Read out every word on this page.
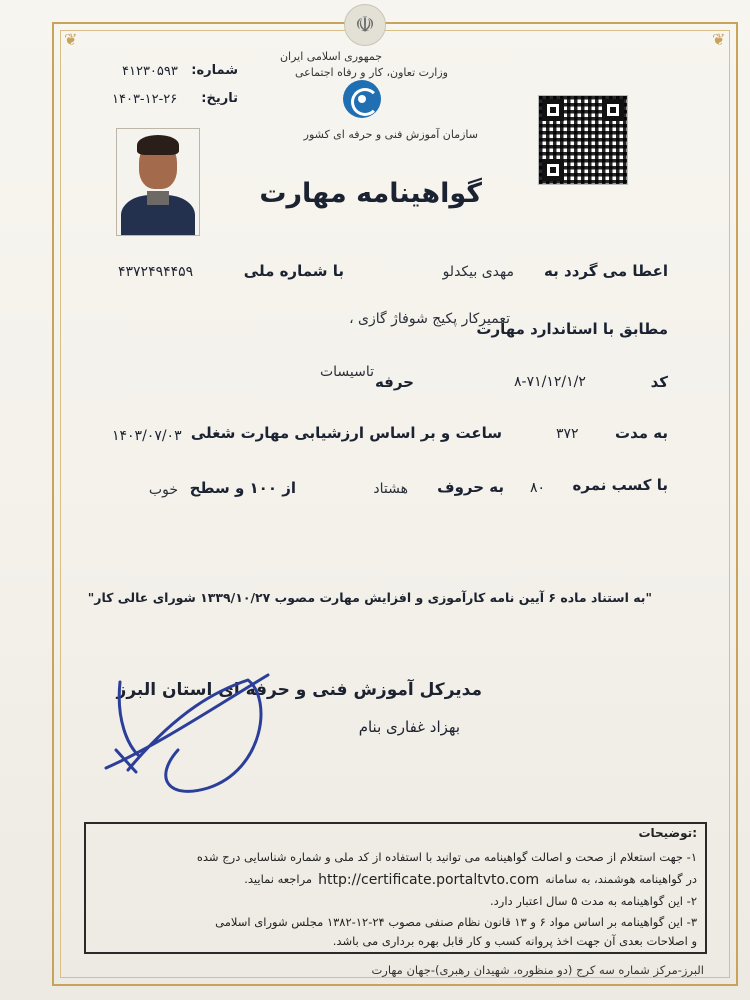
❦	❦
☫
جمهوری اسلامی ایران
وزارت تعاون، کار و رفاه اجتماعی
سازمان آموزش فنی و حرفه ای کشور
شماره:
۴۱۲۳۰۵۹۳
تاریخ:
۱۴۰۳-۱۲-۲۶
گواهینامه مهارت
اعطا می گردد به
مهدی بیکدلو
با شماره ملی
۴۳۷۲۴۹۴۴۵۹
تعمیرکار پکیج شوفاژ گازی ،
مطابق با استاندارد مهارت
کد
۸-۷۱/۱۲/۱/۲
حرفه
تاسیسات
به مدت
۳۷۲
ساعت و بر اساس ارزشیابی مهارت شغلی
۱۴۰۳/۰۷/۰۳
با کسب نمره
۸۰
به حروف
هشتاد
از ۱۰۰ و سطح
خوب
"به استناد ماده ۶ آیین نامه کارآموزی و افزایش مهارت مصوب ۱۳۳۹/۱۰/۲۷ شورای عالی کار"
مدیرکل آموزش فنی و حرفه ای استان البرز
بهزاد غفاری بنام
توضیحات:
۱- جهت استعلام از صحت و اصالت گواهینامه می توانید با استفاده از کد ملی و شماره شناسایی درج شده
در گواهینامه هوشمند، به سامانه
http://certificate.portaltvto.com
مراجعه نمایید.
۲- این گواهینامه به مدت ۵ سال اعتبار دارد.
۳- این گواهینامه بر اساس مواد ۶ و ۱۳ قانون نظام صنفی مصوب ۲۴-۱۲-۱۳۸۲ مجلس شورای اسلامی
و اصلاحات بعدی آن جهت اخذ پروانه کسب و کار قابل بهره برداری می باشد.
البرز-مرکز شماره سه کرج (دو منظوره، شهیدان رهبری)-جهان مهارت
